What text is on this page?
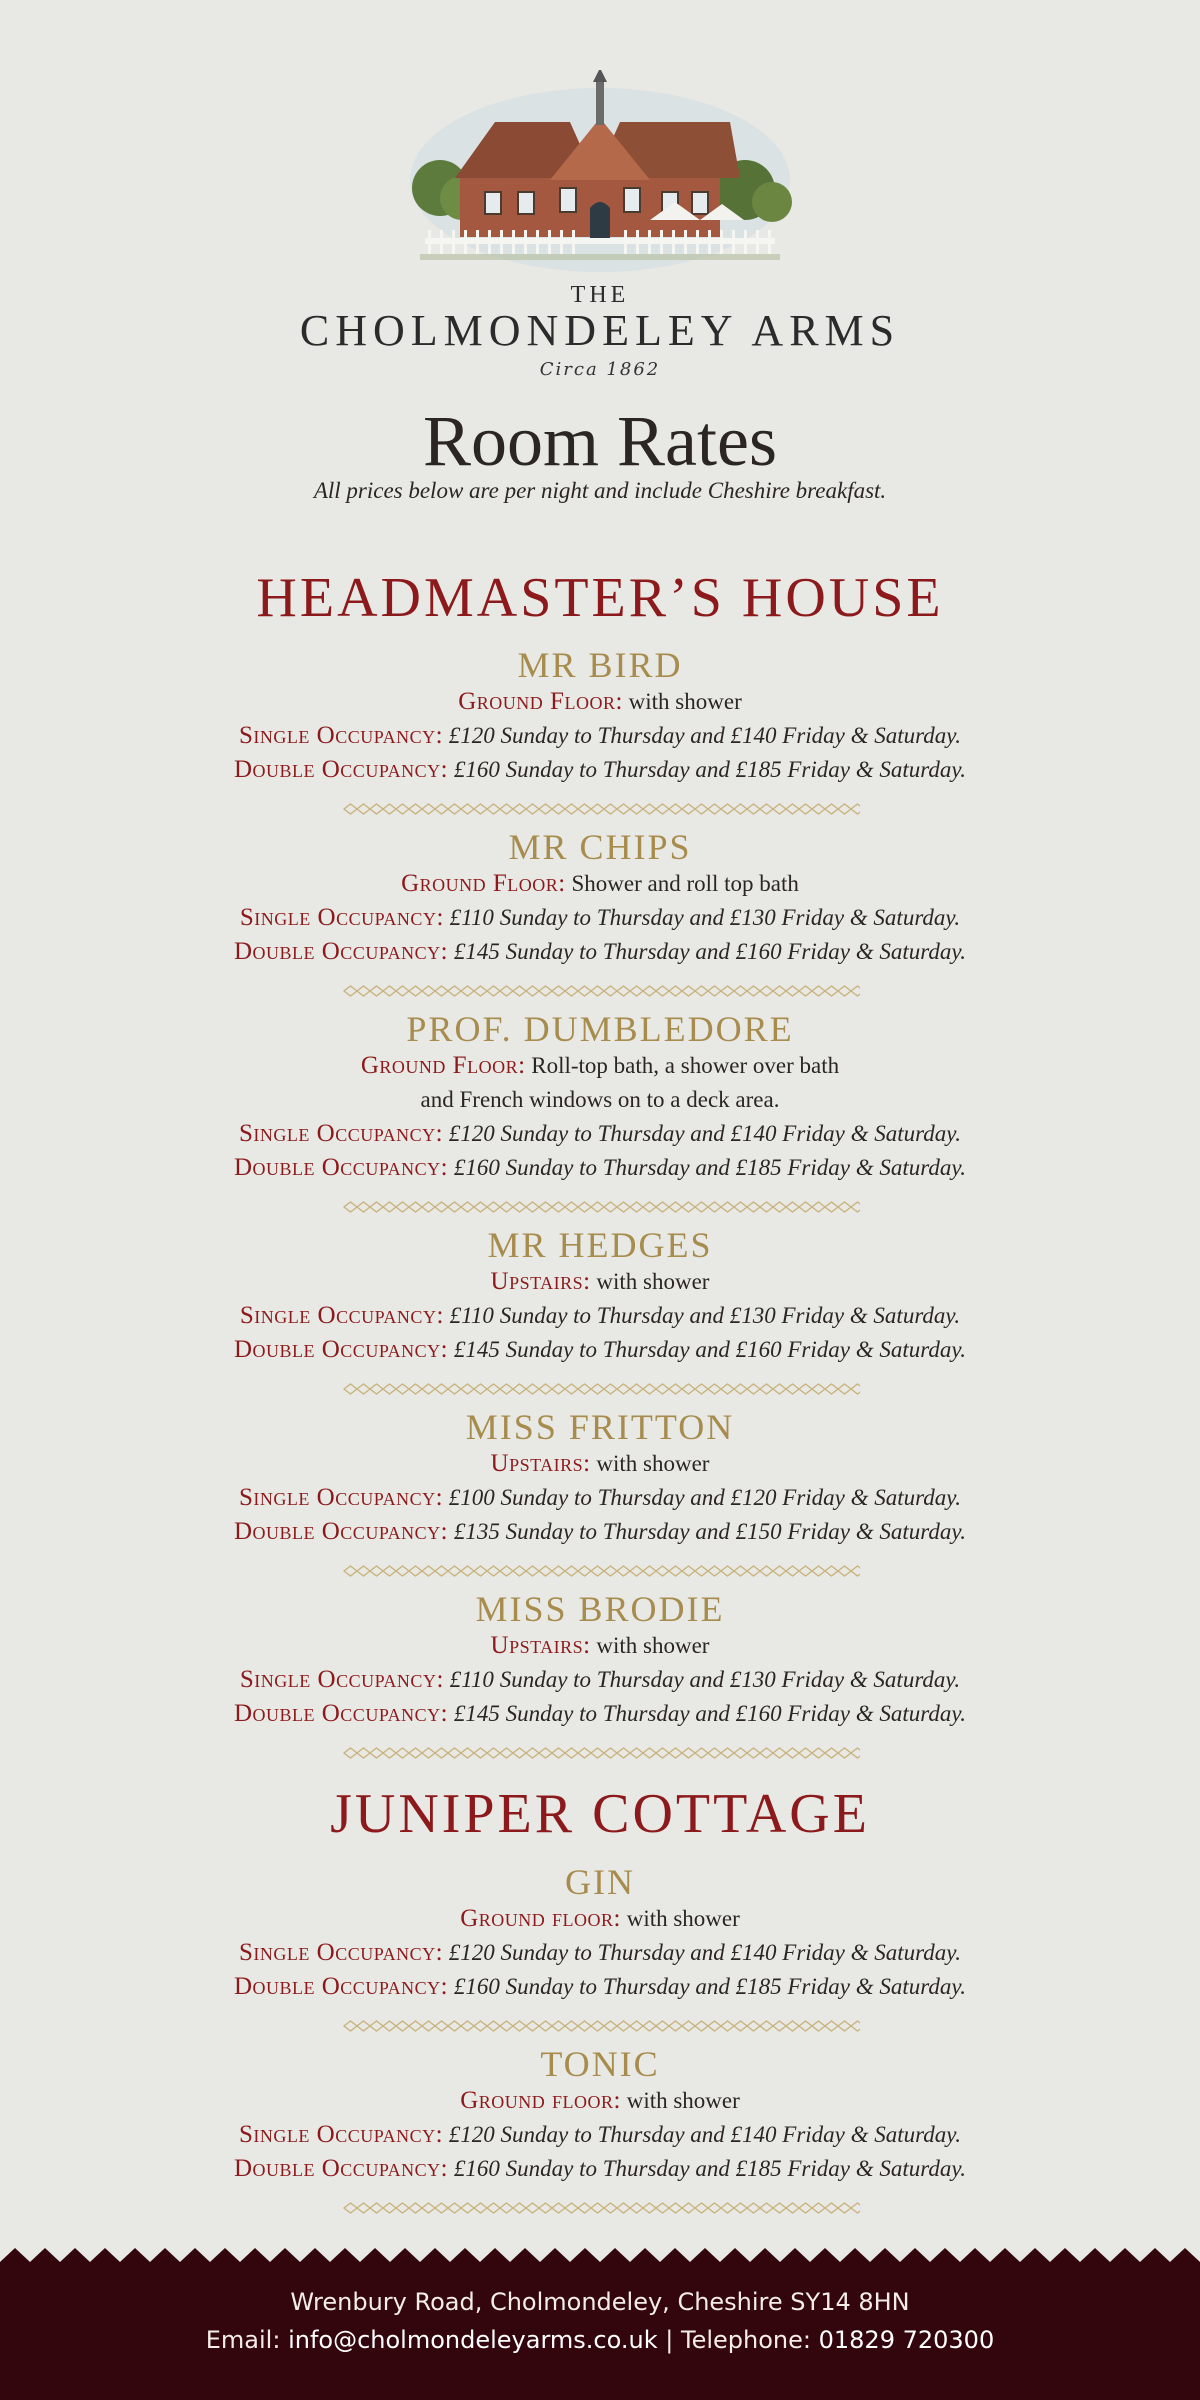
THE
CHOLMONDELEY ARMS
Circa 1862
Room Rates
All prices below are per night and include Cheshire breakfast.
HEADMASTER’S HOUSE
MR BIRD
Ground Floor: with shower
Single Occupancy: £120 Sunday to Thursday and £140 Friday & Saturday.
Double Occupancy: £160 Sunday to Thursday and £185 Friday & Saturday.
MR CHIPS
Ground Floor: Shower and roll top bath
Single Occupancy: £110 Sunday to Thursday and £130 Friday & Saturday.
Double Occupancy: £145 Sunday to Thursday and £160 Friday & Saturday.
PROF. DUMBLEDORE
Ground Floor: Roll-top bath, a shower over bath
and French windows on to a deck area.
Single Occupancy: £120 Sunday to Thursday and £140 Friday & Saturday.
Double Occupancy: £160 Sunday to Thursday and £185 Friday & Saturday.
MR HEDGES
Upstairs: with shower
Single Occupancy: £110 Sunday to Thursday and £130 Friday & Saturday.
Double Occupancy: £145 Sunday to Thursday and £160 Friday & Saturday.
MISS FRITTON
Upstairs: with shower
Single Occupancy: £100 Sunday to Thursday and £120 Friday & Saturday.
Double Occupancy: £135 Sunday to Thursday and £150 Friday & Saturday.
MISS BRODIE
Upstairs: with shower
Single Occupancy: £110 Sunday to Thursday and £130 Friday & Saturday.
Double Occupancy: £145 Sunday to Thursday and £160 Friday & Saturday.
JUNIPER COTTAGE
GIN
Ground floor: with shower
Single Occupancy: £120 Sunday to Thursday and £140 Friday & Saturday.
Double Occupancy: £160 Sunday to Thursday and £185 Friday & Saturday.
TONIC
Ground floor: with shower
Single Occupancy: £120 Sunday to Thursday and £140 Friday & Saturday.
Double Occupancy: £160 Sunday to Thursday and £185 Friday & Saturday.
Wrenbury Road, Cholmondeley, Cheshire SY14 8HN
Email: info@cholmondeleyarms.co.uk | Telephone: 01829 720300
